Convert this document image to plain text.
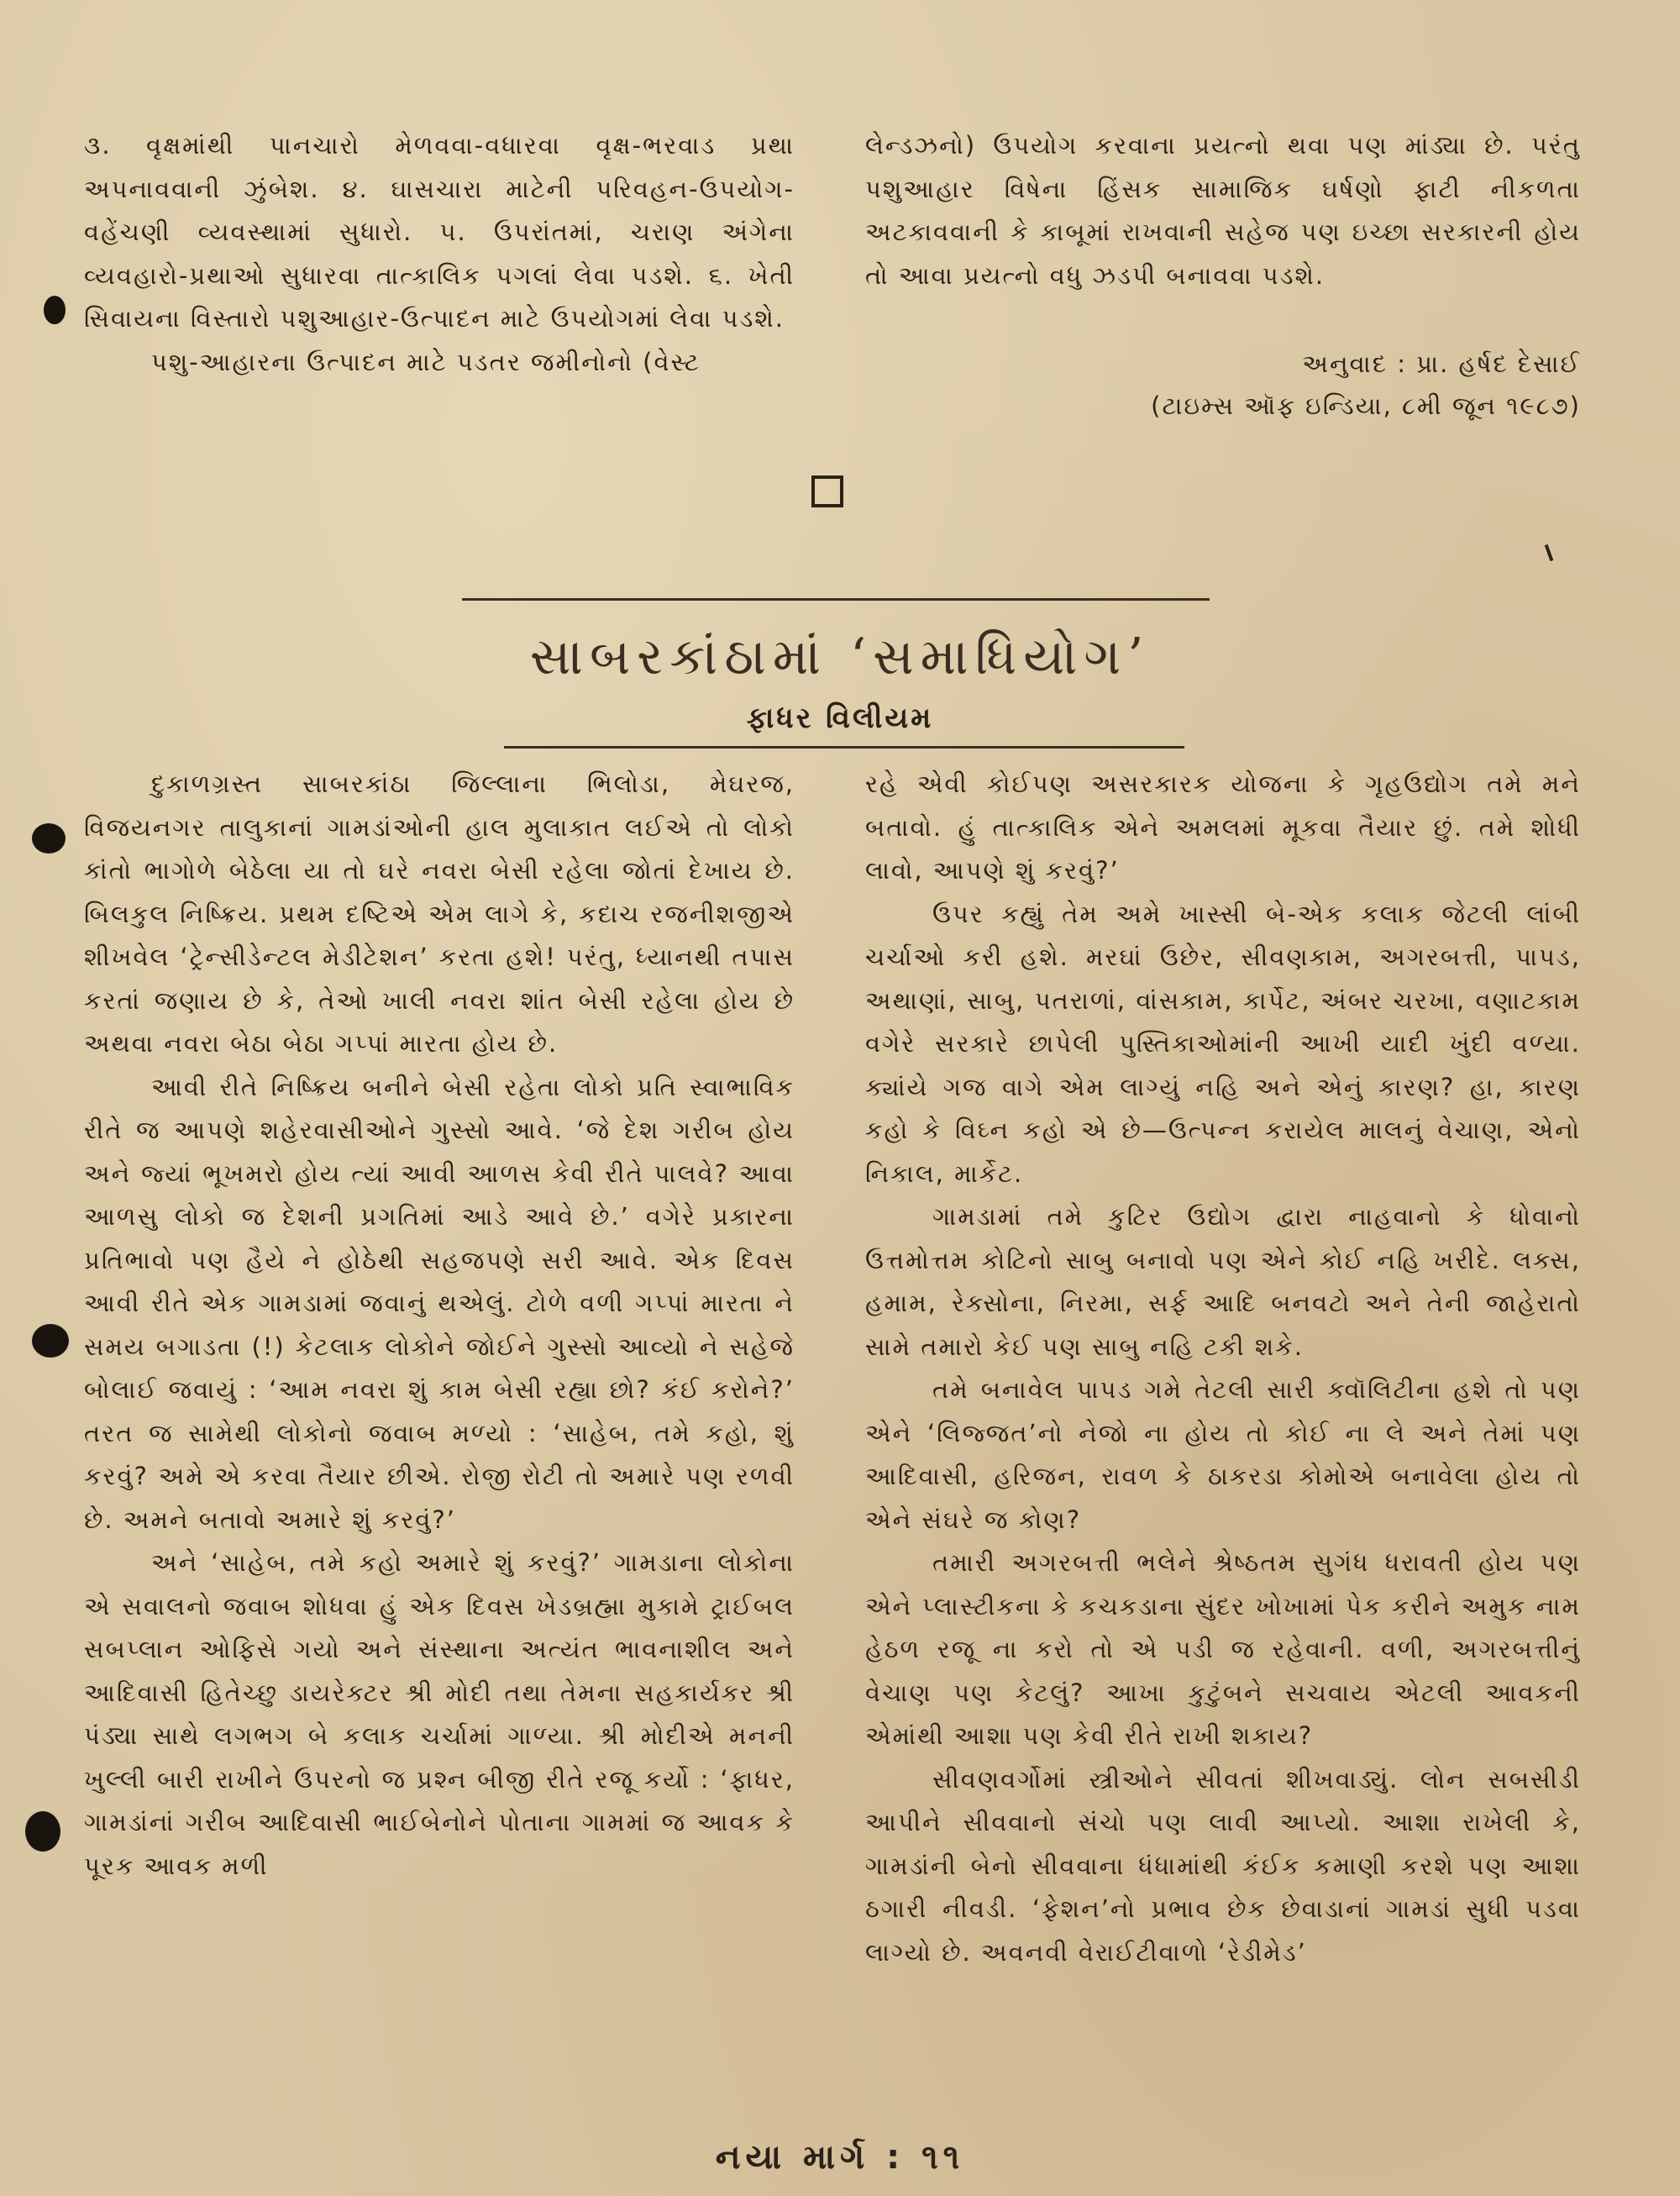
૩. વૃક્ષમાંથી પાનચારો મેળવવા-વધારવા વૃક્ષ-ભરવાડ પ્રથા અપનાવવાની ઝુંબેશ. ૪. ઘાસચારા માટેની પરિવહન-ઉપયોગ-વહેંચણી વ્યવસ્થામાં સુધારો. ૫. ઉપરાંતમાં, ચરાણ અંગેના વ્યવહારો-પ્રથાઓ સુધારવા તાત્કાલિક પગલાં લેવા પડશે. ૬. ખેતી સિવાયના વિસ્તારો પશુઆહાર-ઉત્પાદન માટે ઉપયોગમાં લેવા પડશે.

પશુ-આહારના ઉત્પાદન માટે પડતર જમીનોનો (વેસ્ટ

લેન્ડઝનો) ઉપયોગ કરવાના પ્રયત્નો થવા પણ માંડ્યા છે. પરંતુ પશુઆહાર વિષેના હિંસક સામાજિક ઘર્ષણો ફાટી નીકળતા અટકાવવાની કે કાબૂમાં રાખવાની સહેજ પણ ઇચ્છા સરકારની હોય તો આવા પ્રયત્નો વધુ ઝડપી બનાવવા પડશે.

અનુવાદ : પ્રા. હર્ષદ દેસાઈ
(ટાઇમ્સ ઑફ ઇન્ડિયા, ૮મી જૂન ૧૯૮૭)
સાબરકાંઠામાં ‘સમાધિયોગ’
ફાધર વિલીયમ

દુકાળગ્રસ્ત સાબરકાંઠા જિલ્લાના ભિલોડા, મેઘરજ, વિજયનગર તાલુકાનાં ગામડાંઓની હાલ મુલાકાત લઈએ તો લોકો કાંતો ભાગોળે બેઠેલા યા તો ઘરે નવરા બેસી રહેલા જોતાં દેખાય છે. બિલકુલ નિષ્ક્રિય. પ્રથમ દષ્ટિએ એમ લાગે કે, કદાચ રજનીશજીએ શીખવેલ ‘ટ્રેન્સીડેન્ટલ મેડીટેશન’ કરતા હશે! પરંતુ, ધ્યાનથી તપાસ કરતાં જણાય છે કે, તેઓ ખાલી નવરા શાંત બેસી રહેલા હોય છે અથવા નવરા બેઠા બેઠા ગપ્પાં મારતા હોય છે.

આવી રીતે નિષ્ક્રિય બનીને બેસી રહેતા લોકો પ્રતિ સ્વાભાવિક રીતે જ આપણે શહેરવાસીઓને ગુસ્સો આવે. ‘જે દેશ ગરીબ હોય અને જ્યાં ભૂખમરો હોય ત્યાં આવી આળસ કેવી રીતે પાલવે? આવા આળસુ લોકો જ દેશની પ્રગતિમાં આડે આવે છે.’ વગેરે પ્રકારના પ્રતિભાવો પણ હૈયે ને હોઠેથી સહજપણે સરી આવે. એક દિવસ આવી રીતે એક ગામડામાં જવાનું થએલું. ટોળે વળી ગપ્પાં મારતા ને સમય બગાડતા (!) કેટલાક લોકોને જોઈને ગુસ્સો આવ્યો ને સહેજે બોલાઈ જવાયું : ‘આમ નવરા શું કામ બેસી રહ્યા છો? કંઈ કરોને?’ તરત જ સામેથી લોકોનો જવાબ મળ્યો : ‘સાહેબ, તમે કહો, શું કરવું? અમે એ કરવા તૈયાર છીએ. રોજી રોટી તો અમારે પણ રળવી છે. અમને બતાવો અમારે શું કરવું?’

અને ‘સાહેબ, તમે કહો અમારે શું કરવું?’ ગામડાના લોકોના એ સવાલનો જવાબ શોધવા હું એક દિવસ ખેડબ્રહ્મા મુકામે ટ્રાઈબલ સબપ્લાન ઓફિસે ગયો અને સંસ્થાના અત્યંત ભાવનાશીલ અને આદિવાસી હિતેચ્છુ ડાયરેક્ટર શ્રી મોદી તથા તેમના સહકાર્યકર શ્રી પંડ્યા સાથે લગભગ બે કલાક ચર્ચામાં ગાળ્યા. શ્રી મોદીએ મનની ખુલ્લી બારી રાખીને ઉપરનો જ પ્રશ્ન બીજી રીતે રજૂ કર્યો : ‘ફાધર, ગામડાંનાં ગરીબ આદિવાસી ભાઈબેનોને પોતાના ગામમાં જ આવક કે પૂરક આવક મળી

રહે એવી કોઈપણ અસરકારક યોજના કે ગૃહઉદ્યોગ તમે મને બતાવો. હું તાત્કાલિક એને અમલમાં મૂકવા તૈયાર છું. તમે શોધી લાવો, આપણે શું કરવું?’

ઉપર કહ્યું તેમ અમે ખાસ્સી બે-એક કલાક જેટલી લાંબી ચર્ચાઓ કરી હશે. મરઘાં ઉછેર, સીવણકામ, અગરબત્તી, પાપડ, અથાણાં, સાબુ, પતરાળાં, વાંસકામ, કાર્પેટ, અંબર ચરખા, વણાટકામ વગેરે સરકારે છાપેલી પુસ્તિકાઓમાંની આખી યાદી ખુંદી વળ્યા. ક્યાંયે ગજ વાગે એમ લાગ્યું નહિ અને એનું કારણ? હા, કારણ કહો કે વિઘ્ન કહો એ છે—ઉત્પન્ન કરાયેલ માલનું વેચાણ, એનો નિકાલ, માર્કેટ.

ગામડામાં તમે કુટિર ઉદ્યોગ દ્વારા નાહવાનો કે ધોવાનો ઉત્તમોત્તમ કોટિનો સાબુ બનાવો પણ એને કોઈ નહિ ખરીદે. લક્સ, હમામ, રેક્સોના, નિરમા, સર્ફ આદિ બનવટો અને તેની જાહેરાતો સામે તમારો કેઈ પણ સાબુ નહિ ટકી શકે.

તમે બનાવેલ પાપડ ગમે તેટલી સારી ક્વૉલિટીના હશે તો પણ એને ‘લિજ્જત’નો નેજો ના હોય તો કોઈ ના લે અને તેમાં પણ આદિવાસી, હરિજન, રાવળ કે ઠાકરડા કોમોએ બનાવેલા હોય તો એને સંઘરે જ કોણ?

તમારી અગરબત્તી ભલેને શ્રેષ્ઠતમ સુગંધ ધરાવતી હોય પણ એને પ્લાસ્ટીકના કે કચકડાના સુંદર ખોખામાં પેક કરીને અમુક નામ હેઠળ રજૂ ના કરો તો એ પડી જ રહેવાની. વળી, અગરબત્તીનું વેચાણ પણ કેટલું? આખા કુટુંબને સચવાય એટલી આવકની એમાંથી આશા પણ કેવી રીતે રાખી શકાય?

સીવણવર્ગોમાં સ્ત્રીઓને સીવતાં શીખવાડ્યું. લોન સબસીડી આપીને સીવવાનો સંચો પણ લાવી આપ્યો. આશા રાખેલી કે, ગામડાંની બેનો સીવવાના ધંધામાંથી કંઈક કમાણી કરશે પણ આશા ઠગારી નીવડી. ‘ફેશન’નો પ્રભાવ છેક છેવાડાનાં ગામડાં સુધી પડવા લાગ્યો છે. અવનવી વેરાઈટીવાળો ‘રેડીમેડ’

નયા માર્ગ : ૧૧
